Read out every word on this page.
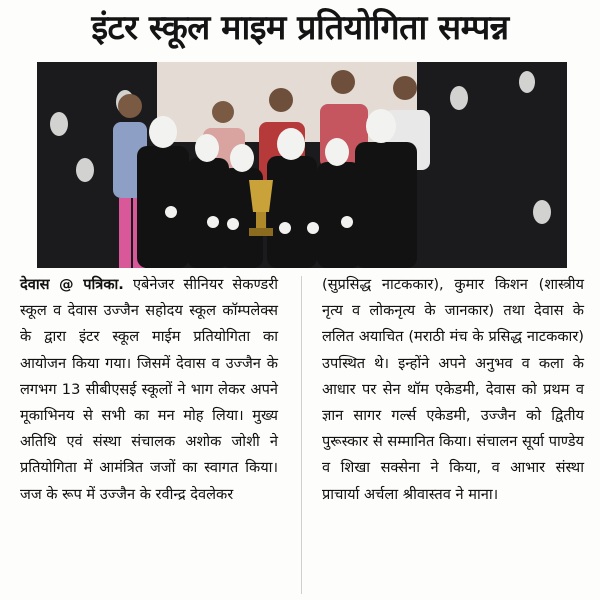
इंटर स्कूल माइम प्रतियोगिता सम्पन्न
देवास @ पत्रिका. एबेनेजर सीनियर सेकण्डरी स्कूल व देवास उज्जैन सहोदय स्कूल कॉम्पलेक्स के द्वारा इंटर स्कूल माईम प्रतियोगिता का आयोजन किया गया। जिसमें देवास व उज्जैन के लगभग 13 सीबीएसई स्कूलों ने भाग लेकर अपने मूकाभिनय से सभी का मन मोह लिया। मुख्य अतिथि एवं संस्था संचालक अशोक जोशी ने प्रतियोगिता में आमंत्रित जजों का स्वागत किया। जज के रूप में उज्जैन के रवीन्द्र देवलेकर
(सुप्रसिद्ध नाटककार), कुमार किशन (शास्त्रीय नृत्य व लोकनृत्य के जानकार) तथा देवास के ललित अयाचित (मराठी मंच के प्रसिद्ध नाटककार) उपस्थित थे। इन्होंने अपने अनुभव व कला के आधार पर सेन थॉम एकेडमी, देवास को प्रथम व ज्ञान सागर गर्ल्स एकेडमी, उज्जैन को द्वितीय पुरूस्कार से सम्मानित किया। संचालन सूर्या पाण्डेय व शिखा सक्सेना ने किया, व आभार संस्था प्राचार्या अर्चला श्रीवास्तव ने माना।
